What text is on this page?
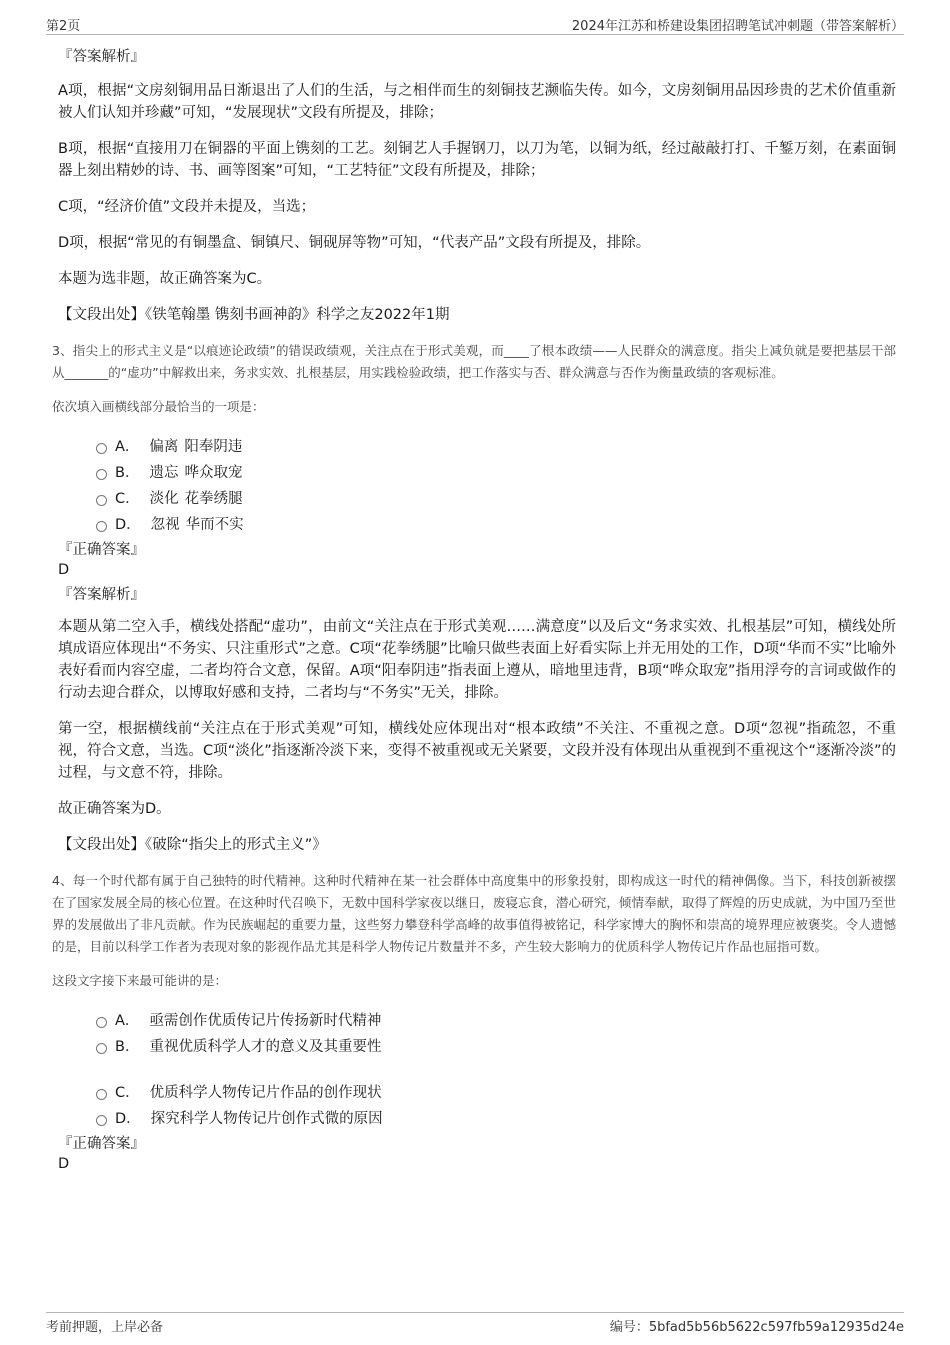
第2页	2024年江苏和桥建设集团招聘笔试冲刺题（带答案解析）
『答案解析』

A项，根据“文房刻铜用品日渐退出了人们的生活，与之相伴而生的刻铜技艺濒临失传。如今，文房刻铜用品因珍贵的艺术价值重新被人们认知并珍藏”可知，“发展现状”文段有所提及，排除；

B项，根据“直接用刀在铜器的平面上镌刻的工艺。刻铜艺人手握钢刀，以刀为笔，以铜为纸，经过敲敲打打、千錾万刻，在素面铜器上刻出精妙的诗、书、画等图案”可知，“工艺特征”文段有所提及，排除；

C项，“经济价值”文段并未提及，当选；

D项，根据“常见的有铜墨盒、铜镇尺、铜砚屏等物”可知，“代表产品”文段有所提及，排除。

本题为选非题，故正确答案为C。

【文段出处】《铁笔翰墨 镌刻书画神韵》科学之友2022年1期

3、指尖上的形式主义是“以痕迹论政绩”的错误政绩观，关注点在于形式美观，而____了根本政绩——人民群众的满意度。指尖上减负就是要把基层干部从_______的“虚功”中解救出来，务求实效、扎根基层，用实践检验政绩，把工作落实与否、群众满意与否作为衡量政绩的客观标准。

依次填入画横线部分最恰当的一项是：

A． 偏离 阳奉阴违
B． 遗忘 哗众取宠
C． 淡化 花拳绣腿
D． 忽视 华而不实
『正确答案』
D
『答案解析』

本题从第二空入手，横线处搭配“虚功”，由前文“关注点在于形式美观……满意度”以及后文“务求实效、扎根基层”可知，横线处所填成语应体现出“不务实、只注重形式”之意。C项“花拳绣腿”比喻只做些表面上好看实际上并无用处的工作，D项“华而不实”比喻外表好看而内容空虚，二者均符合文意，保留。A项“阳奉阴违”指表面上遵从，暗地里违背，B项“哗众取宠”指用浮夸的言词或做作的行动去迎合群众，以博取好感和支持，二者均与“不务实”无关，排除。

第一空，根据横线前“关注点在于形式美观”可知，横线处应体现出对“根本政绩”不关注、不重视之意。D项“忽视”指疏忽，不重视，符合文意，当选。C项“淡化”指逐渐冷淡下来，变得不被重视或无关紧要，文段并没有体现出从重视到不重视这个“逐渐冷淡”的过程，与文意不符，排除。

故正确答案为D。

【文段出处】《破除“指尖上的形式主义”》

4、每一个时代都有属于自己独特的时代精神。这种时代精神在某一社会群体中高度集中的形象投射，即构成这一时代的精神偶像。当下，科技创新被摆在了国家发展全局的核心位置。在这种时代召唤下，无数中国科学家夜以继日，废寝忘食，潜心研究，倾情奉献，取得了辉煌的历史成就，为中国乃至世界的发展做出了非凡贡献。作为民族崛起的重要力量，这些努力攀登科学高峰的故事值得被铭记，科学家博大的胸怀和崇高的境界理应被褒奖。令人遗憾的是，目前以科学工作者为表现对象的影视作品尤其是科学人物传记片数量并不多，产生较大影响力的优质科学人物传记片作品也屈指可数。

这段文字接下来最可能讲的是：

A． 亟需创作优质传记片传扬新时代精神
B． 重视优质科学人才的意义及其重要性
C． 优质科学人物传记片作品的创作现状
D． 探究科学人物传记片创作式微的原因
『正确答案』
D
考前押题，上岸必备	编号：5bfad5b56b5622c597fb59a12935d24e
